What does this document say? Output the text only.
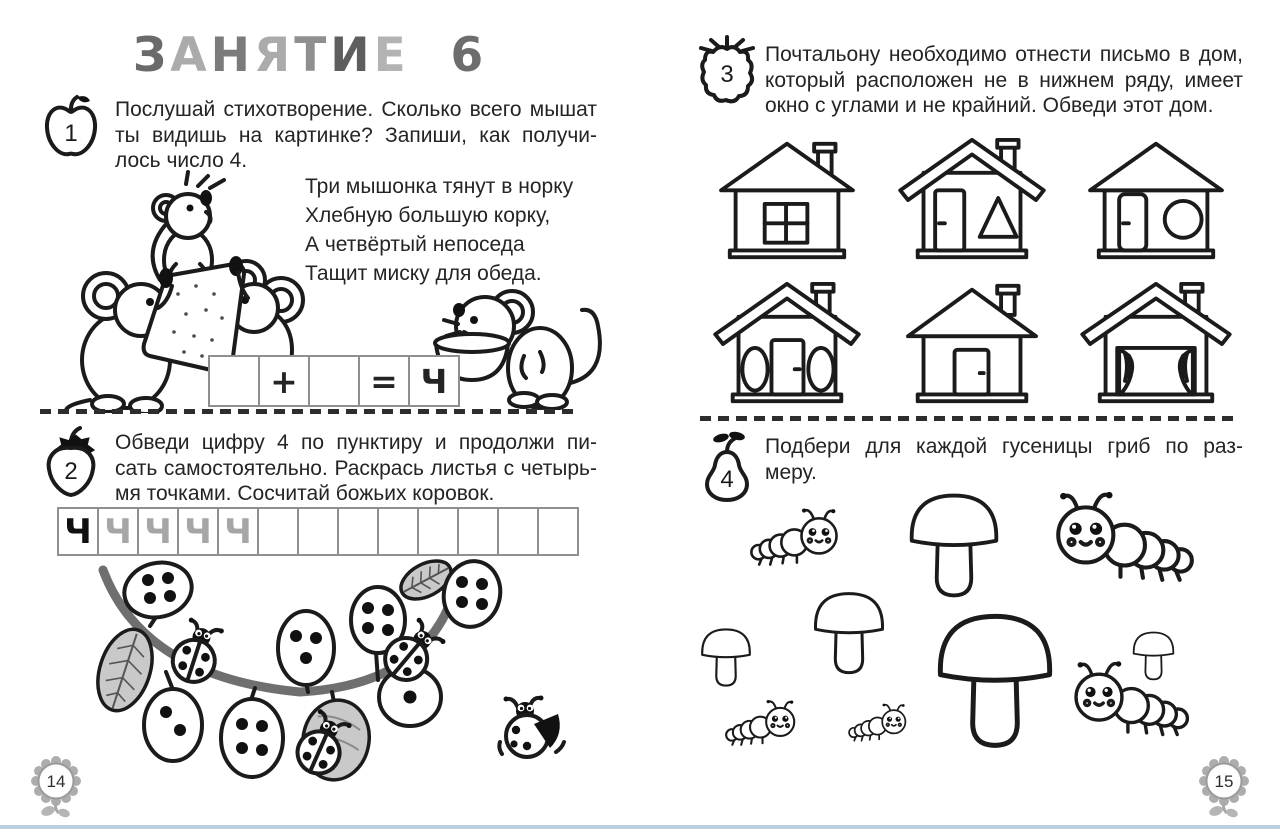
ЗАНЯТИЕ 6
1
Послушай стихотворение. Сколько всего мышат
ты видишь на картинке? Запиши, как получи-
лось число 4.
Три мышонка тянут в норку
Хлебную большую корку,
А четвёртый непоседа
Тащит миску для обеда.
+	= Ч
2
Обведи цифру 4 по пунктиру и продолжи пи-
сать самостоятельно. Раскрась листья с четырь-
мя точками. Сосчитай божьих коровок.
Ч Ч Ч Ч Ч
14
3
Почтальону необходимо отнести письмо в дом,
который расположен не в нижнем ряду, имеет
окно с углами и не крайний. Обведи этот дом.
4
Подбери для каждой гусеницы гриб по раз-
меру.
15
